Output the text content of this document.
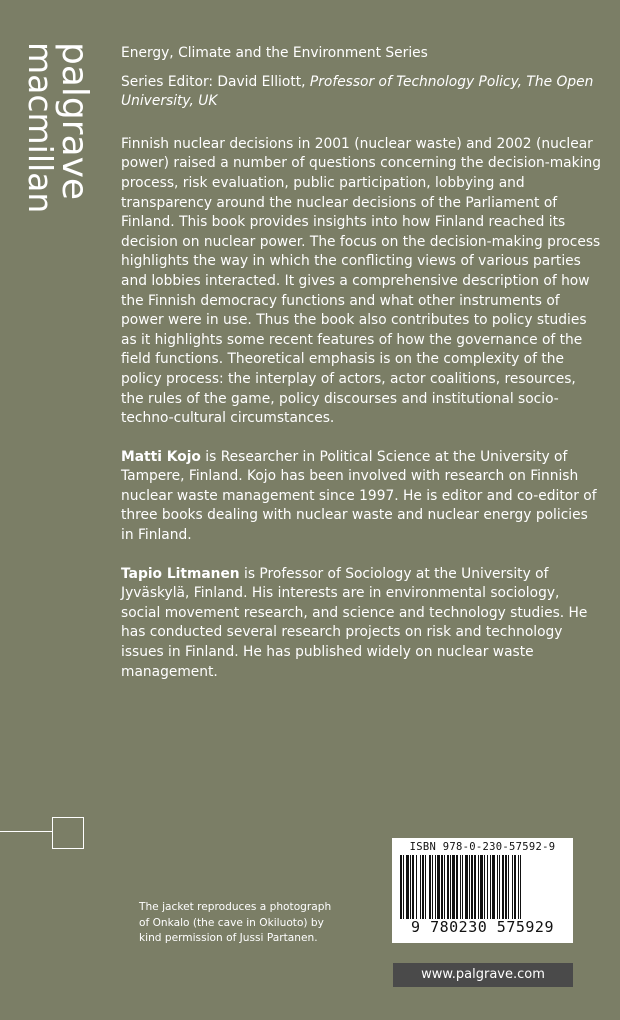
palgrave
macmillan	Energy, Climate and the Environment Series

Series Editor: David Elliott, Professor of Technology Policy, The Open University, UK

Finnish nuclear decisions in 2001 (nuclear waste) and 2002 (nuclear power) raised a number of questions concerning the decision-making process, risk evaluation, public participation, lobbying and transparency around the nuclear decisions of the Parliament of Finland. This book provides insights into how Finland reached its decision on nuclear power. The focus on the decision-making process highlights the way in which the conflicting views of various parties and lobbies interacted. It gives a comprehensive description of how the Finnish democracy functions and what other instruments of power were in use. Thus the book also contributes to policy studies as it highlights some recent features of how the governance of the field functions. Theoretical emphasis is on the complexity of the policy process: the interplay of actors, actor coalitions, resources, the rules of the game, policy discourses and institutional socio-techno-cultural circumstances.

Matti Kojo is Researcher in Political Science at the University of Tampere, Finland. Kojo has been involved with research on Finnish nuclear waste management since 1997. He is editor and co-editor of three books dealing with nuclear waste and nuclear energy policies in Finland.

Tapio Litmanen is Professor of Sociology at the University of Jyväskylä, Finland. His interests are in environmental sociology, social movement research, and science and technology studies. He has conducted several research projects on risk and technology issues in Finland. He has published widely on nuclear waste management.

The jacket reproduces a photograph of Onkalo (the cave in Okiluoto) by kind permission of Jussi Partanen.
ISBN 978-0-230-57592-9
9 780230 575929
www.palgrave.com
